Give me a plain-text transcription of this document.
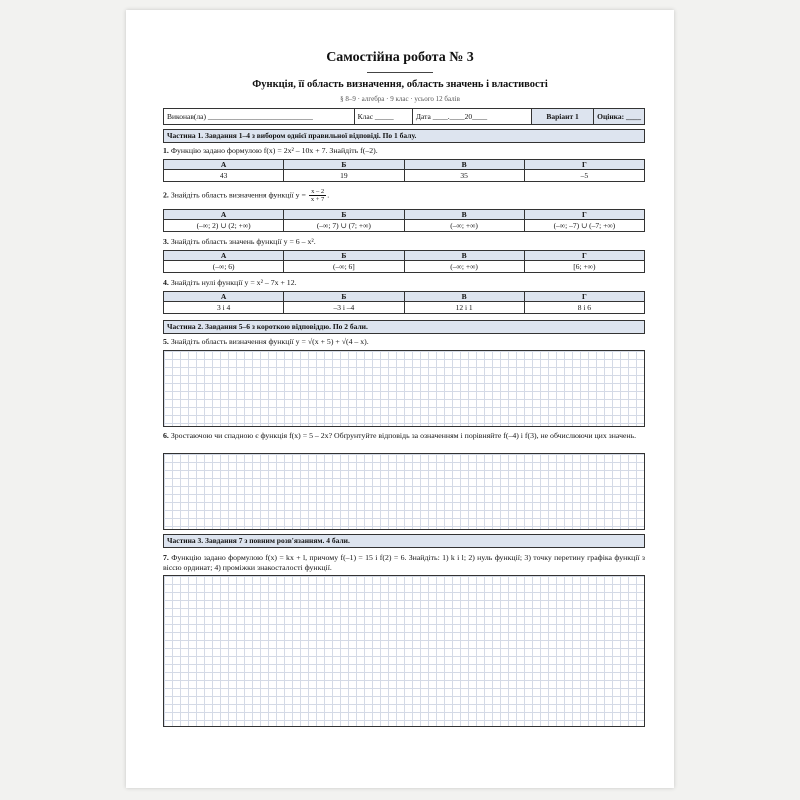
Самостійна робота № 3
Функція, її область визначення, область значень і властивості
§ 8–9 · алгебра · 9 клас · усього 12 балів
Виконав(ла) ____________________________	Клас _____	Дата ____.____20____	Варіант 1	Оцінка: ____
Частина 1. Завдання 1–4 з вибором однієї правильної відповіді. По 1 балу.
1. Функцію задано формулою f(x) = 2x² – 10x + 7. Знайдіть f(–2).
А	Б	В	Г
43	19	35	–5
2. Знайдіть область визначення функції $y = \frac{x - 2}{x + 7}$ .
А	Б	В	Г
(–∞; 2) ∪ (2; +∞)	(–∞; 7) ∪ (7; +∞)	(–∞; +∞)	(–∞; –7) ∪ (–7; +∞)
3. Знайдіть область значень функції y = 6 – x².
А	Б	В	Г
(–∞; 6)	(–∞; 6]	(–∞; +∞)	[6; +∞)
4. Знайдіть нулі функції y = x² – 7x + 12.
А	Б	В	Г
3 і 4	–3 і –4	12 і 1	8 і 6
Частина 2. Завдання 5–6 з короткою відповіддю. По 2 бали.
5. Знайдіть область визначення функції y = √(x + 5) + √(4 – x).
6. Зростаючою чи спадною є функція f(x) = 5 – 2x? Обґрунтуйте відповідь за означенням і порівняйте f(–4) і f(3), не обчислюючи цих значень.
Частина 3. Завдання 7 з повним розв'язанням. 4 бали.
7. Функцію задано формулою f(x) = kx + l, причому f(–1) = 15 і f(2) = 6. Знайдіть: 1) k і l; 2) нуль функції; 3) точку перетину графіка функції з віссю ординат; 4) проміжки знакосталості функції.
